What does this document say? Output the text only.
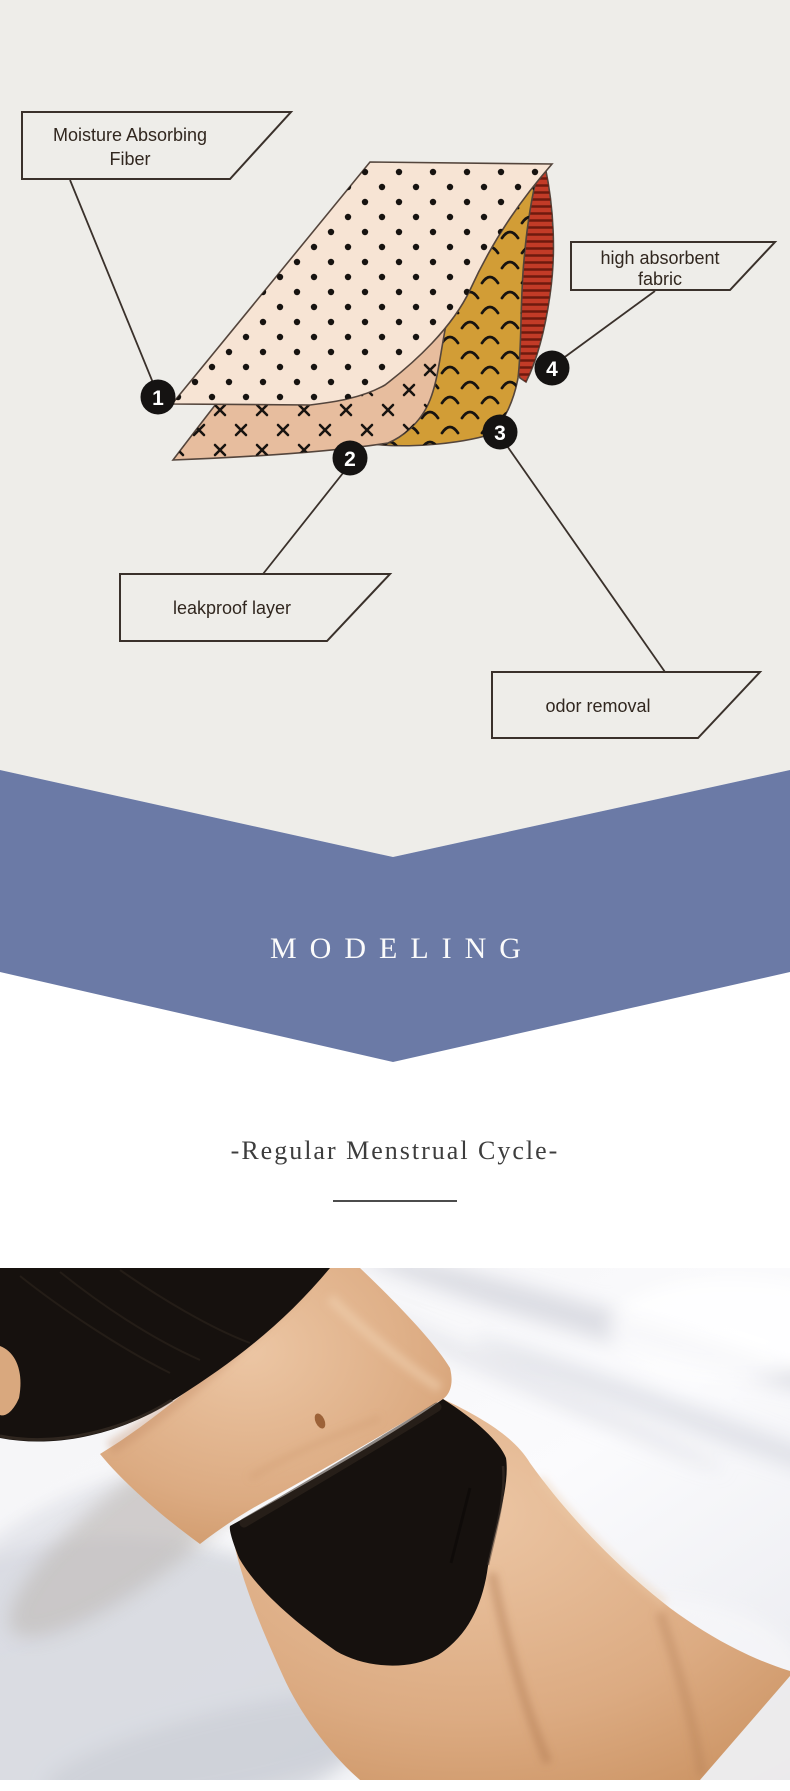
Moisture Absorbing
Fiber
high absorbent
fabric
leakproof layer
odor removal
1
2
3
4
MODELING
-Regular Menstrual Cycle-
